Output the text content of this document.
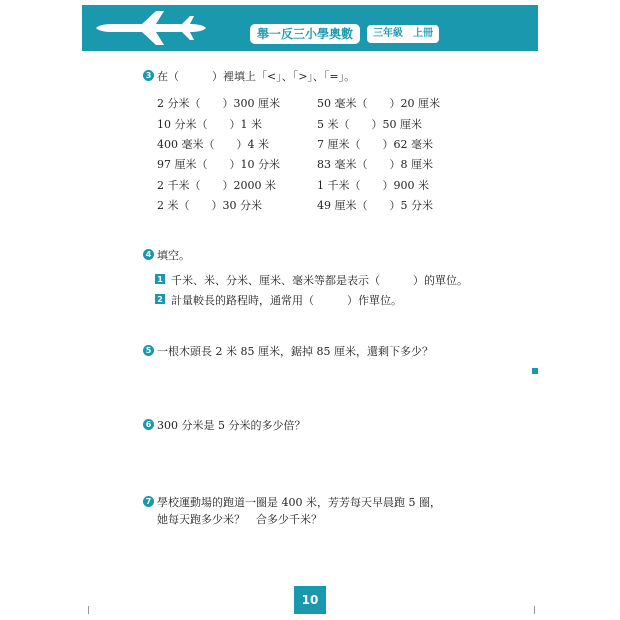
舉一反三小學奧數	三年級　上冊
3 在（　　　）裡填上「<」、「>」、「=」。
2 分米（　　）300 厘米	50 毫米（　　）20 厘米
10 分米（　　）1 米	5 米（　　）50 厘米
400 毫米（　　）4 米	7 厘米（　　）62 毫米
97 厘米（　　）10 分米	83 毫米（　　）8 厘米
2 千米（　　）2000 米	1 千米（　　）900 米
2 米（　　）30 分米	49 厘米（　　）5 分米
4 填空。
1 千米、米、分米、厘米、毫米等都是表示（　　　）的單位。
2 計量較長的路程時，通常用（　　　）作單位。
5 一根木頭長 2 米 85 厘米，鋸掉 85 厘米，還剩下多少？
6 300 分米是 5 分米的多少倍？
7 學校運動場的跑道一圈是 400 米，芳芳每天早晨跑 5 圈，
她每天跑多少米？　合多少千米？
10
